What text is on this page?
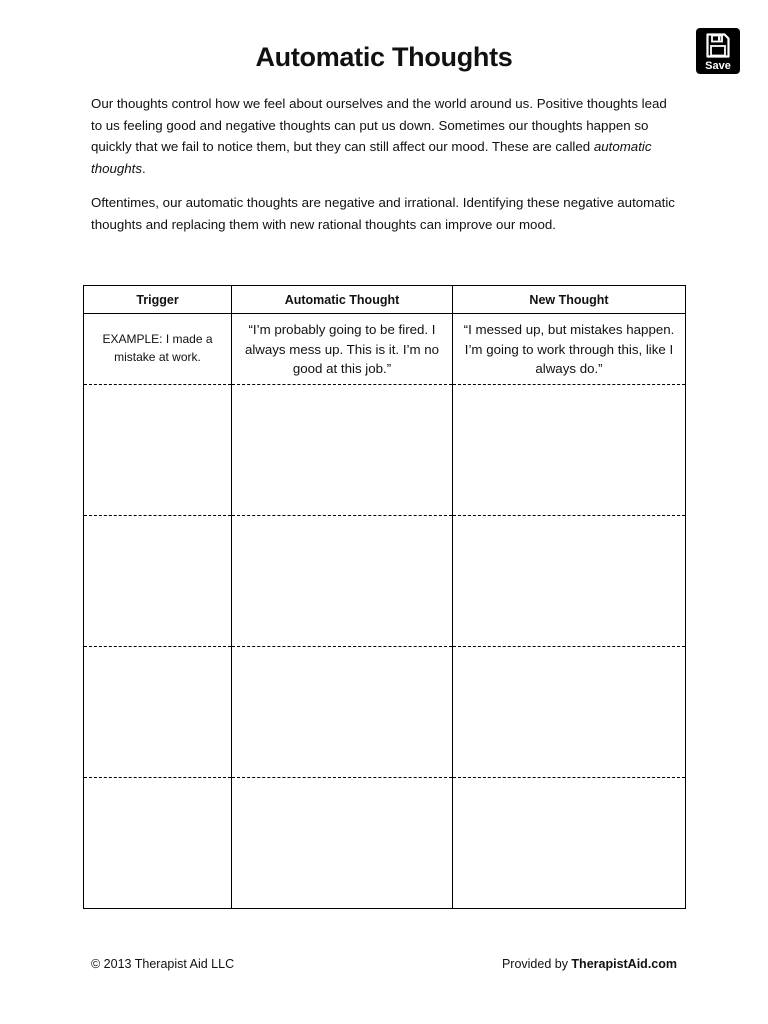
Automatic Thoughts	Save

Our thoughts control how we feel about ourselves and the world around us. Positive thoughts lead to us feeling good and negative thoughts can put us down. Sometimes our thoughts happen so quickly that we fail to notice them, but they can still affect our mood. These are called automatic thoughts.

Oftentimes, our automatic thoughts are negative and irrational. Identifying these negative automatic thoughts and replacing them with new rational thoughts can improve our mood.

Trigger	Automatic Thought	New Thought

EXAMPLE: I made a mistake at work.	“I’m probably going to be fired. I always mess up. This is it. I’m no good at this job.”	“I messed up, but mistakes happen. I’m going to work through this, like I always do.”

© 2013 Therapist Aid LLC	Provided by TherapistAid.com
